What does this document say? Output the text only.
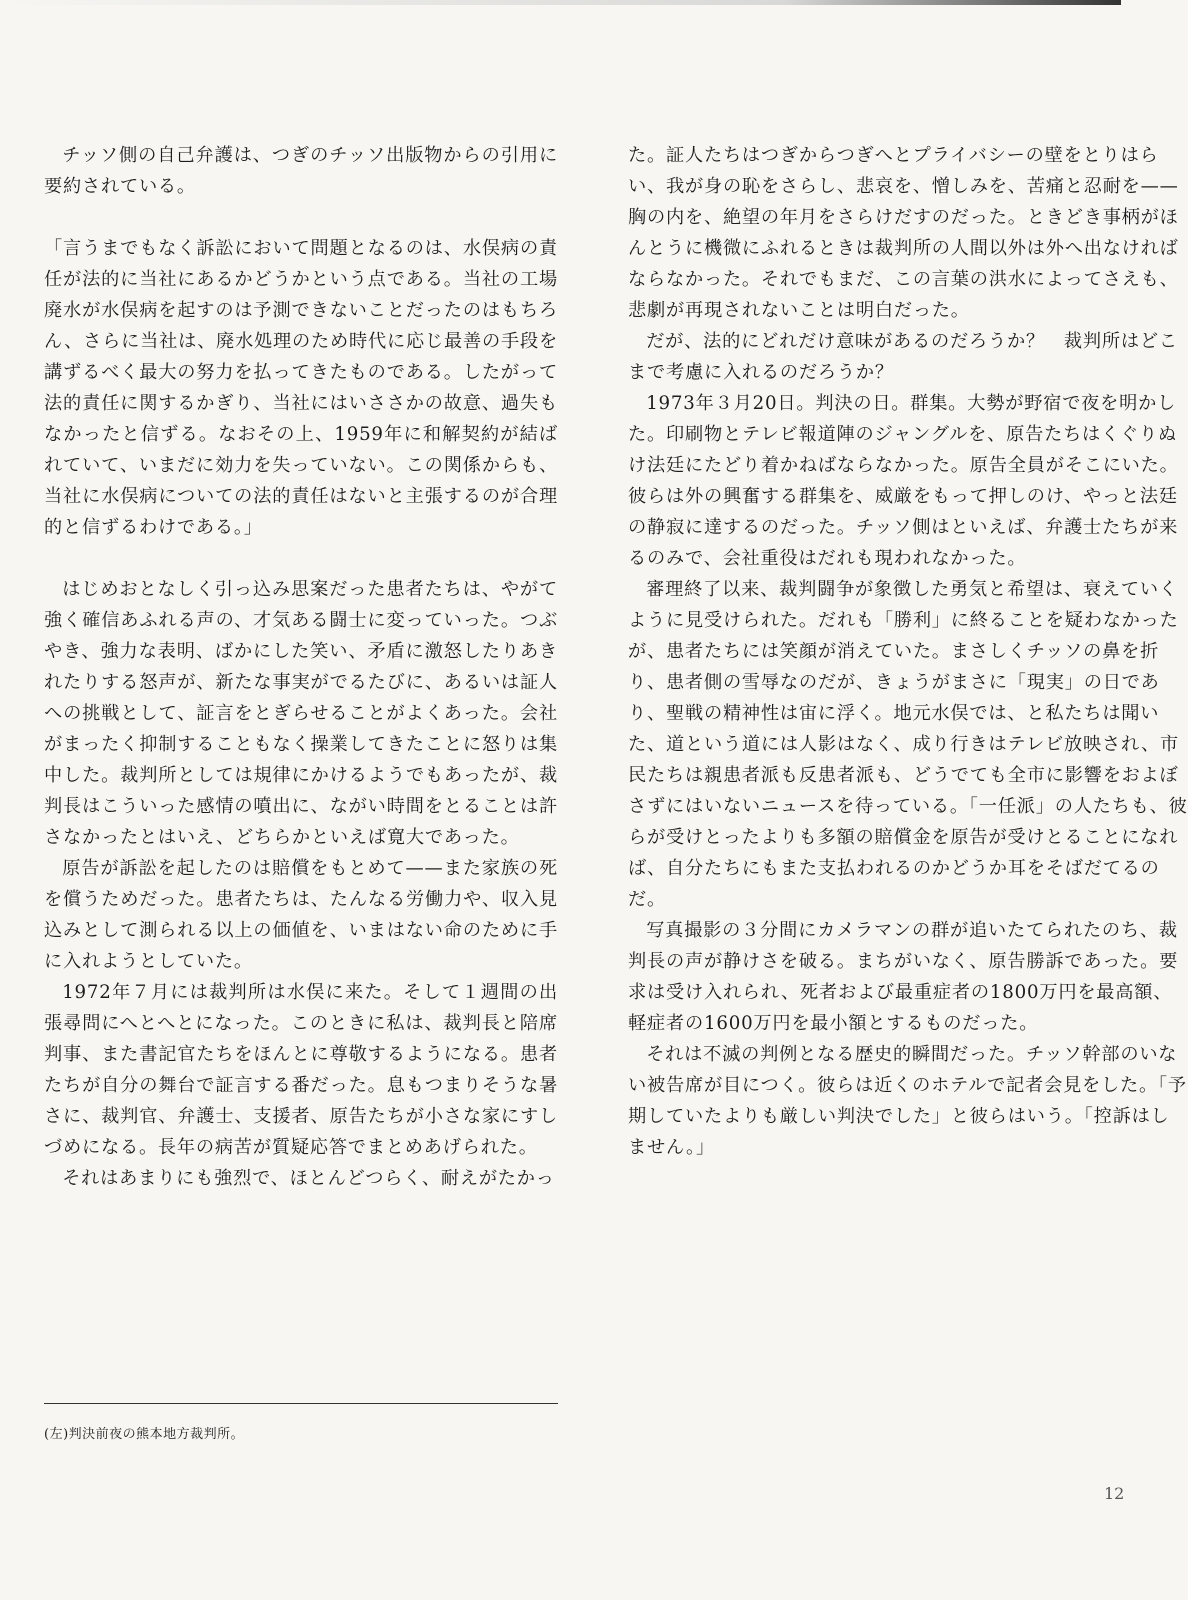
チッソ側の自己弁護は、つぎのチッソ出版物からの引用に要約されている。

「言うまでもなく訴訟において問題となるのは、水俣病の責任が法的に当社にあるかどうかという点である。当社の工場廃水が水俣病を起すのは予測できないことだったのはもちろん、さらに当社は、廃水処理のため時代に応じ最善の手段を講ずるべく最大の努力を払ってきたものである。したがって法的責任に関するかぎり、当社にはいささかの故意、過失もなかったと信ずる。なおその上、1959年に和解契約が結ばれていて、いまだに効力を失っていない。この関係からも、当社に水俣病についての法的責任はないと主張するのが合理的と信ずるわけである。」

はじめおとなしく引っ込み思案だった患者たちは、やがて強く確信あふれる声の、才気ある闘士に変っていった。つぶやき、強力な表明、ばかにした笑い、矛盾に激怒したりあきれたりする怒声が、新たな事実がでるたびに、あるいは証人への挑戦として、証言をとぎらせることがよくあった。会社がまったく抑制することもなく操業してきたことに怒りは集中した。裁判所としては規律にかけるようでもあったが、裁判長はこういった感情の噴出に、ながい時間をとることは許さなかったとはいえ、どちらかといえば寛大であった。

原告が訴訟を起したのは賠償をもとめて——また家族の死を償うためだった。患者たちは、たんなる労働力や、収入見込みとして測られる以上の価値を、いまはない命のために手に入れようとしていた。

1972年７月には裁判所は水俣に来た。そして１週間の出張尋問にへとへとになった。このときに私は、裁判長と陪席判事、また書記官たちをほんとに尊敬するようになる。患者たちが自分の舞台で証言する番だった。息もつまりそうな暑さに、裁判官、弁護士、支援者、原告たちが小さな家にすしづめになる。長年の病苦が質疑応答でまとめあげられた。

それはあまりにも強烈で、ほとんどつらく、耐えがたかっ

た。証人たちはつぎからつぎへとプライバシーの壁をとりはらい、我が身の恥をさらし、悲哀を、憎しみを、苦痛と忍耐を——胸の内を、絶望の年月をさらけだすのだった。ときどき事柄がほんとうに機微にふれるときは裁判所の人間以外は外へ出なければならなかった。それでもまだ、この言葉の洪水によってさえも、悲劇が再現されないことは明白だった。

だが、法的にどれだけ意味があるのだろうか？　裁判所はどこまで考慮に入れるのだろうか？

1973年３月20日。判決の日。群集。大勢が野宿で夜を明かした。印刷物とテレビ報道陣のジャングルを、原告たちはくぐりぬけ法廷にたどり着かねばならなかった。原告全員がそこにいた。彼らは外の興奮する群集を、威厳をもって押しのけ、やっと法廷の静寂に達するのだった。チッソ側はといえば、弁護士たちが来るのみで、会社重役はだれも現われなかった。

審理終了以来、裁判闘争が象徴した勇気と希望は、衰えていくように見受けられた。だれも「勝利」に終ることを疑わなかったが、患者たちには笑顔が消えていた。まさしくチッソの鼻を折り、患者側の雪辱なのだが、きょうがまさに「現実」の日であり、聖戦の精神性は宙に浮く。地元水俣では、と私たちは聞いた、道という道には人影はなく、成り行きはテレビ放映され、市民たちは親患者派も反患者派も、どうでても全市に影響をおよぼさずにはいないニュースを待っている。「一任派」の人たちも、彼らが受けとったよりも多額の賠償金を原告が受けとることになれば、自分たちにもまた支払われるのかどうか耳をそばだてるのだ。

写真撮影の３分間にカメラマンの群が追いたてられたのち、裁判長の声が静けさを破る。まちがいなく、原告勝訴であった。要求は受け入れられ、死者および最重症者の1800万円を最高額、軽症者の1600万円を最小額とするものだった。

それは不滅の判例となる歴史的瞬間だった。チッソ幹部のいない被告席が目につく。彼らは近くのホテルで記者会見をした。「予期していたよりも厳しい判決でした」と彼らはいう。「控訴はしません。」

(左)判決前夜の熊本地方裁判所。
12
